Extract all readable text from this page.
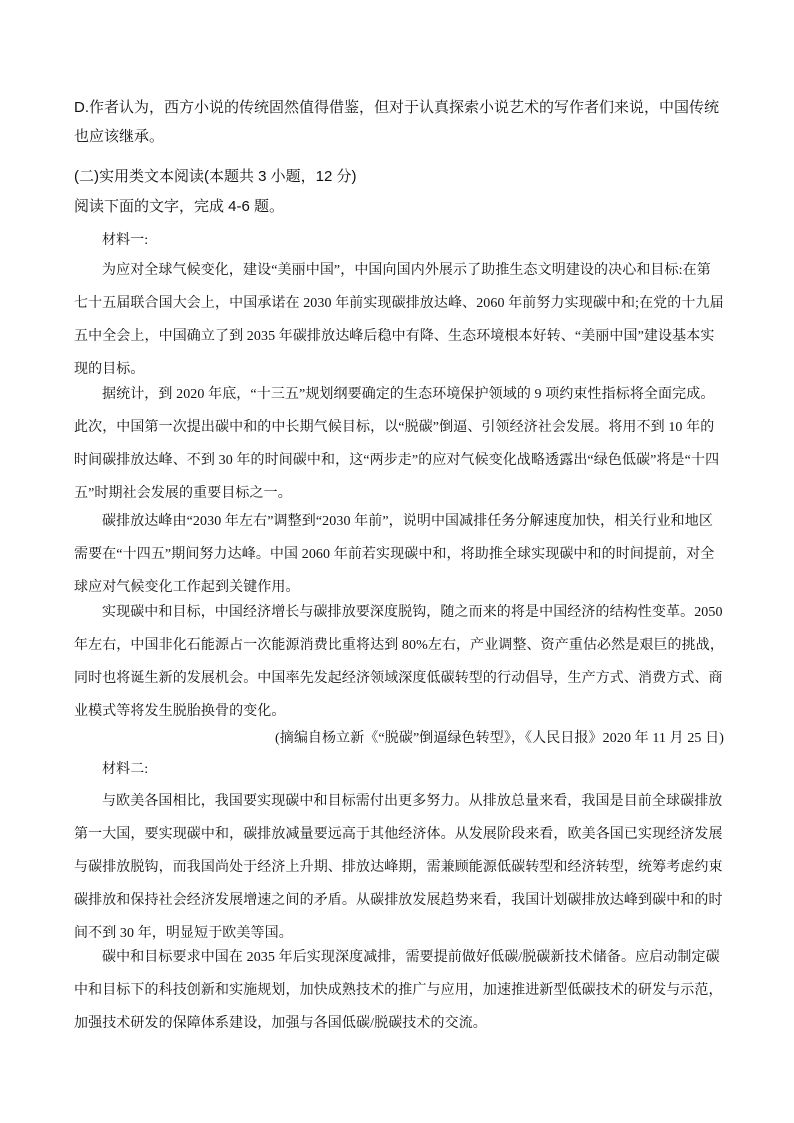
D.作者认为，西方小说的传统固然值得借鉴，但对于认真探索小说艺术的写作者们来说，中国传统也应该继承。

(二)实用类文本阅读(本题共 3 小题，12 分)

阅读下面的文字，完成 4-6 题。

材料一:

为应对全球气候变化，建设“美丽中国”，中国向国内外展示了助推生态文明建设的决心和目标:在第七十五届联合国大会上，中国承诺在 2030 年前实现碳排放达峰、2060 年前努力实现碳中和;在党的十九届五中全会上，中国确立了到 2035 年碳排放达峰后稳中有降、生态环境根本好转、“美丽中国”建设基本实现的目标。

据统计，到 2020 年底，“十三五”规划纲要确定的生态环境保护领域的 9 项约束性指标将全面完成。此次，中国第一次提出碳中和的中长期气候目标，以“脱碳”倒逼、引领经济社会发展。将用不到 10 年的时间碳排放达峰、不到 30 年的时间碳中和，这“两步走”的应对气候变化战略透露出“绿色低碳”将是“十四五”时期社会发展的重要目标之一。

碳排放达峰由“2030 年左右”调整到“2030 年前”，说明中国减排任务分解速度加快，相关行业和地区需要在“十四五”期间努力达峰。中国 2060 年前若实现碳中和，将助推全球实现碳中和的时间提前，对全球应对气候变化工作起到关键作用。

实现碳中和目标，中国经济增长与碳排放要深度脱钩，随之而来的将是中国经济的结构性变革。2050 年左右，中国非化石能源占一次能源消费比重将达到 80%左右，产业调整、资产重估必然是艰巨的挑战，同时也将诞生新的发展机会。中国率先发起经济领域深度低碳转型的行动倡导，生产方式、消费方式、商业模式等将发生脱胎换骨的变化。

(摘编自杨立新《“脱碳”倒逼绿色转型》，《人民日报》2020 年 11 月 25 日)

材料二:

与欧美各国相比，我国要实现碳中和目标需付出更多努力。从排放总量来看，我国是目前全球碳排放第一大国，要实现碳中和，碳排放减量要远高于其他经济体。从发展阶段来看，欧美各国已实现经济发展与碳排放脱钩，而我国尚处于经济上升期、排放达峰期，需兼顾能源低碳转型和经济转型，统筹考虑约束碳排放和保持社会经济发展增速之间的矛盾。从碳排放发展趋势来看，我国计划碳排放达峰到碳中和的时间不到 30 年，明显短于欧美等国。

碳中和目标要求中国在 2035 年后实现深度减排，需要提前做好低碳/脱碳新技术储备。应启动制定碳中和目标下的科技创新和实施规划，加快成熟技术的推广与应用，加速推进新型低碳技术的研发与示范，加强技术研发的保障体系建设，加强与各国低碳/脱碳技术的交流。
